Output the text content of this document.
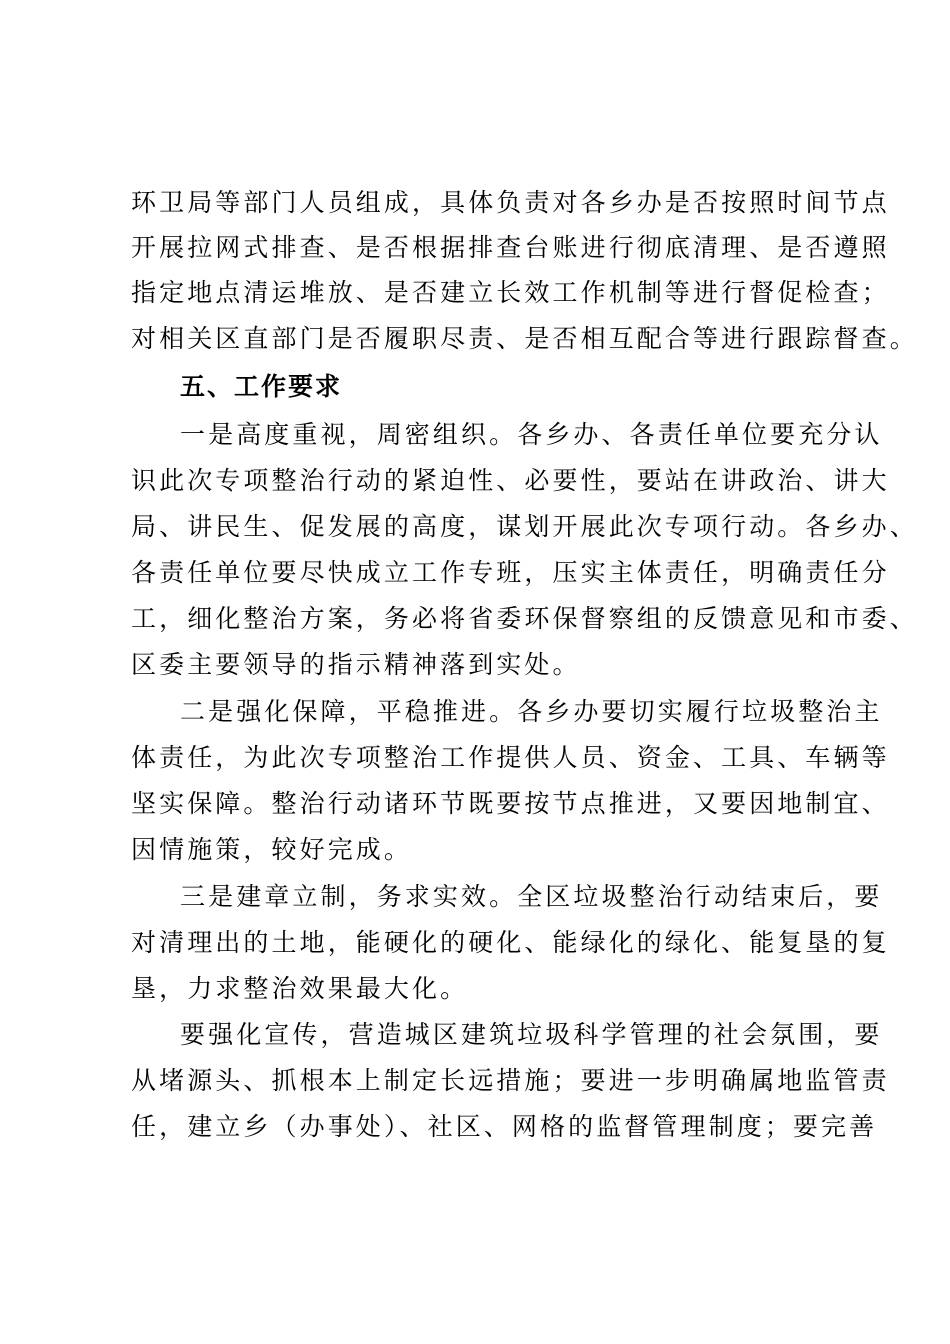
环卫局等部门人员组成，具体负责对各乡办是否按照时间节点

开展拉网式排查、是否根据排查台账进行彻底清理、是否遵照

指定地点清运堆放、是否建立长效工作机制等进行督促检查；

对相关区直部门是否履职尽责、是否相互配合等进行跟踪督查。

五、工作要求

一是高度重视，周密组织。各乡办、各责任单位要充分认

识此次专项整治行动的紧迫性、必要性，要站在讲政治、讲大

局、讲民生、促发展的高度，谋划开展此次专项行动。各乡办、

各责任单位要尽快成立工作专班，压实主体责任，明确责任分

工，细化整治方案，务必将省委环保督察组的反馈意见和市委、

区委主要领导的指示精神落到实处。

二是强化保障，平稳推进。各乡办要切实履行垃圾整治主

体责任，为此次专项整治工作提供人员、资金、工具、车辆等

坚实保障。整治行动诸环节既要按节点推进，又要因地制宜、

因情施策，较好完成。

三是建章立制，务求实效。全区垃圾整治行动结束后，要

对清理出的土地，能硬化的硬化、能绿化的绿化、能复垦的复

垦，力求整治效果最大化。

要强化宣传，营造城区建筑垃圾科学管理的社会氛围，要

从堵源头、抓根本上制定长远措施；要进一步明确属地监管责

任，建立乡（办事处）、社区、网格的监督管理制度；要完善
